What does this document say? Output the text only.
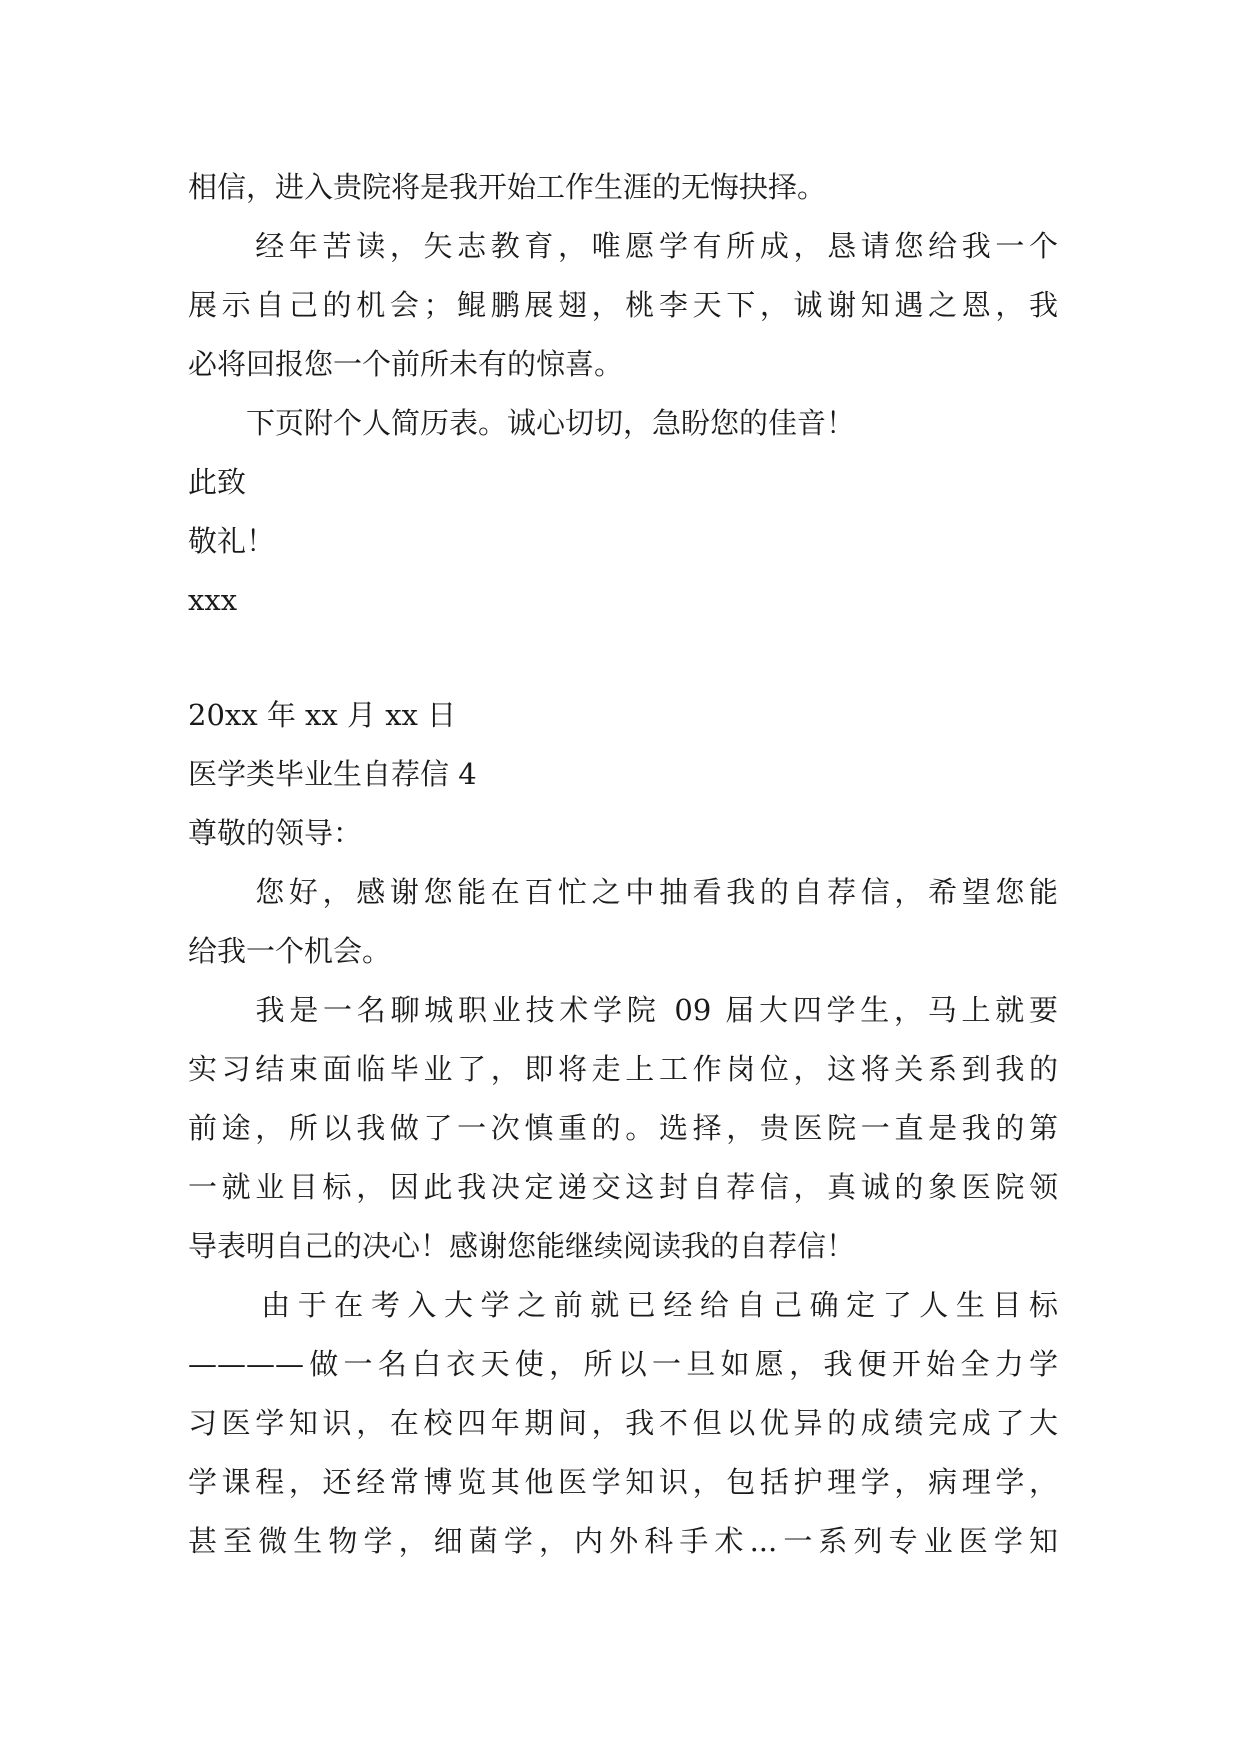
相信，进入贵院将是我开始工作生涯的无悔抉择。
　　经年苦读，矢志教育，唯愿学有所成，恳请您给我一个
展示自己的机会；鲲鹏展翅，桃李天下，诚谢知遇之恩，我
必将回报您一个前所未有的惊喜。
　　下页附个人简历表。诚心切切，急盼您的佳音！
此致
敬礼！
xxx
20xx 年 xx 月 xx 日
医学类毕业生自荐信 4
尊敬的领导：
　　您好，感谢您能在百忙之中抽看我的自荐信，希望您能
给我一个机会。
　　我是一名聊城职业技术学院 09 届大四学生，马上就要
实习结束面临毕业了，即将走上工作岗位，这将关系到我的
前途，所以我做了一次慎重的。选择，贵医院一直是我的第
一就业目标，因此我决定递交这封自荐信，真诚的象医院领
导表明自己的决心！感谢您能继续阅读我的自荐信！
　　由于在考入大学之前就已经给自己确定了人生目标
————做一名白衣天使，所以一旦如愿，我便开始全力学
习医学知识，在校四年期间，我不但以优异的成绩完成了大
学课程，还经常博览其他医学知识，包括护理学，病理学，
甚至微生物学，细菌学，内外科手术...一系列专业医学知
